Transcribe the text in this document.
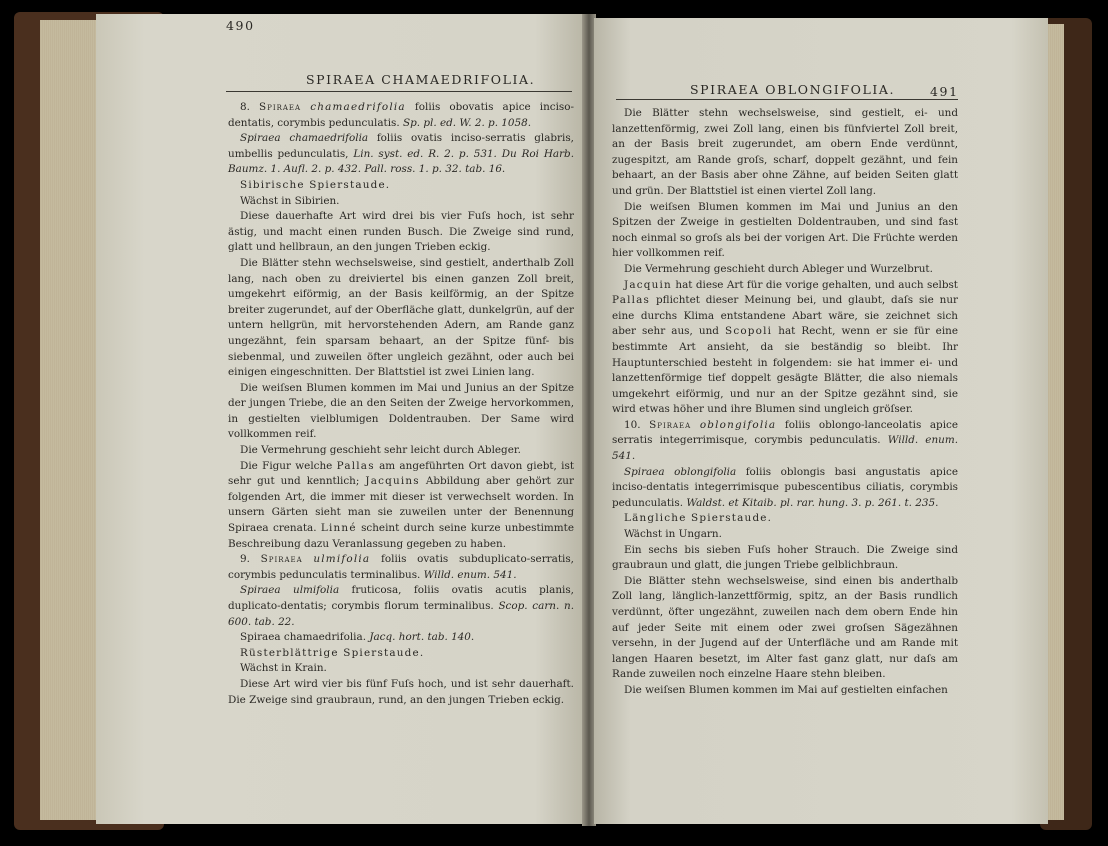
490
SPIRAEA CHAMAEDRIFOLIA.

8. Spiraea chamaedrifolia foliis obovatis apice inciso-dentatis, corymbis pedunculatis. Sp. pl. ed. W. 2. p. 1058.

Spiraea chamaedrifolia foliis ovatis inciso-serratis glabris, umbellis pedunculatis, Lin. syst. ed. R. 2. p. 531. Du Roi Harb. Baumz. 1. Aufl. 2. p. 432. Pall. ross. 1. p. 32. tab. 16.

Sibirische Spierstaude.

Wächst in Sibirien.

Diese dauerhafte Art wird drei bis vier Fuſs hoch, ist sehr ästig, und macht einen runden Busch. Die Zweige sind rund, glatt und hellbraun, an den jungen Trieben eckig.

Die Blätter stehn wechselsweise, sind gestielt, anderthalb Zoll lang, nach oben zu dreiviertel bis einen ganzen Zoll breit, umgekehrt eiförmig, an der Basis keilförmig, an der Spitze breiter zugerundet, auf der Oberfläche glatt, dunkelgrün, auf der untern hellgrün, mit hervorstehenden Adern, am Rande ganz ungezähnt, fein sparsam behaart, an der Spitze fünf- bis siebenmal, und zuweilen öfter ungleich gezähnt, oder auch bei einigen eingeschnitten. Der Blattstiel ist zwei Linien lang.

Die weiſsen Blumen kommen im Mai und Junius an der Spitze der jungen Triebe, die an den Seiten der Zweige hervorkommen, in gestielten vielblumigen Doldentrauben. Der Same wird vollkommen reif.

Die Vermehrung geschieht sehr leicht durch Ableger.

Die Figur welche Pallas am angeführten Ort davon giebt, ist sehr gut und kenntlich; Jacquins Abbildung aber gehört zur folgenden Art, die immer mit dieser ist verwechselt worden. In unsern Gärten sieht man sie zuweilen unter der Benennung Spiraea crenata. Linné scheint durch seine kurze unbestimmte Beschreibung dazu Veranlassung gegeben zu haben.

9. Spiraea ulmifolia foliis ovatis subduplicato-serratis, corymbis pedunculatis terminalibus. Willd. enum. 541.

Spiraea ulmifolia fruticosa, foliis ovatis acutis planis, duplicato-dentatis; corymbis florum terminalibus. Scop. carn. n. 600. tab. 22.

Spiraea chamaedrifolia. Jacq. hort. tab. 140.

Rüsterblättrige Spierstaude.

Wächst in Krain.

Diese Art wird vier bis fünf Fuſs hoch, und ist sehr dauerhaft. Die Zweige sind graubraun, rund, an den jungen Trieben eckig.

SPIRAEA OBLONGIFOLIA.	491

Die Blätter stehn wechselsweise, sind gestielt, ei- und lanzettenförmig, zwei Zoll lang, einen bis fünfviertel Zoll breit, an der Basis breit zugerundet, am obern Ende verdünnt, zugespitzt, am Rande groſs, scharf, doppelt gezähnt, und fein behaart, an der Basis aber ohne Zähne, auf beiden Seiten glatt und grün. Der Blattstiel ist einen viertel Zoll lang.

Die weiſsen Blumen kommen im Mai und Junius an den Spitzen der Zweige in gestielten Doldentrauben, und sind fast noch einmal so groſs als bei der vorigen Art. Die Früchte werden hier vollkommen reif.

Die Vermehrung geschieht durch Ableger und Wurzelbrut.

Jacquin hat diese Art für die vorige gehalten, und auch selbst Pallas pflichtet dieser Meinung bei, und glaubt, daſs sie nur eine durchs Klima entstandene Abart wäre, sie zeichnet sich aber sehr aus, und Scopoli hat Recht, wenn er sie für eine bestimmte Art ansieht, da sie beständig so bleibt. Ihr Hauptunterschied besteht in folgendem: sie hat immer ei- und lanzettenförmige tief doppelt gesägte Blätter, die also niemals umgekehrt eiförmig, und nur an der Spitze gezähnt sind, sie wird etwas höher und ihre Blumen sind ungleich gröſser.

10. Spiraea oblongifolia foliis oblongo-lanceolatis apice serratis integerrimisque, corymbis pedunculatis. Willd. enum. 541.

Spiraea oblongifolia foliis oblongis basi angustatis apice inciso-dentatis integerrimisque pubescentibus ciliatis, corymbis pedunculatis. Waldst. et Kitaib. pl. rar. hung. 3. p. 261. t. 235.

Längliche Spierstaude.

Wächst in Ungarn.

Ein sechs bis sieben Fuſs hoher Strauch. Die Zweige sind graubraun und glatt, die jungen Triebe gelblichbraun.

Die Blätter stehn wechselsweise, sind einen bis anderthalb Zoll lang, länglich-lanzettförmig, spitz, an der Basis rundlich verdünnt, öfter ungezähnt, zuweilen nach dem obern Ende hin auf jeder Seite mit einem oder zwei groſsen Sägezähnen versehn, in der Jugend auf der Unterfläche und am Rande mit langen Haaren besetzt, im Alter fast ganz glatt, nur daſs am Rande zuweilen noch einzelne Haare stehn bleiben.

Die weiſsen Blumen kommen im Mai auf gestielten einfachen
